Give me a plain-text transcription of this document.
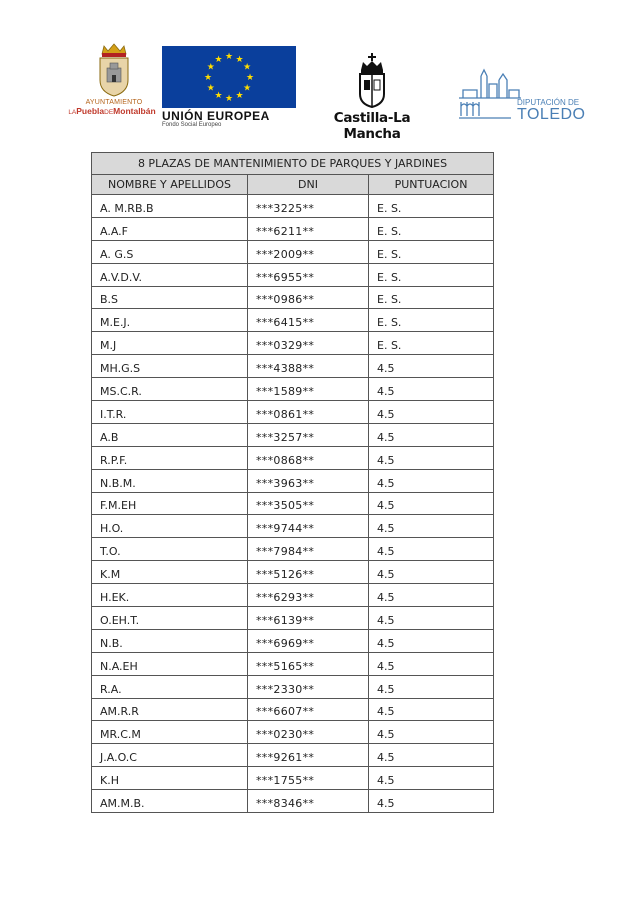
AYUNTAMIENTO
LAPueblaDEMontalbán
★ ★
★
★
★
★
★
★
★
★
★
★
UNIÓN EUROPEA
Fondo Social Europeo	Castilla-La Mancha
DIPUTACIÓN DE
TOLEDO
8 PLAZAS DE MANTENIMIENTO DE PARQUES Y JARDINES		
NOMBRE Y APELLIDOS	DNI	PUNTUACION
A. M.RB.B	***3225**	E. S.
A.A.F	***6211**	E. S.
A. G.S	***2009**	E. S.
A.V.D.V.	***6955**	E. S.
B.S	***0986**	E. S.
M.E.J.	***6415**	E. S.
M.J	***0329**	E. S.
MH.G.S	***4388**	4.5
MS.C.R.	***1589**	4.5
I.T.R.	***0861**	4.5
A.B	***3257**	4.5
R.P.F.	***0868**	4.5
N.B.M.	***3963**	4.5
F.M.EH	***3505**	4.5
H.O.	***9744**	4.5
T.O.	***7984**	4.5
K.M	***5126**	4.5
H.EK.	***6293**	4.5
O.EH.T.	***6139**	4.5
N.B.	***6969**	4.5
N.A.EH	***5165**	4.5
R.A.	***2330**	4.5
AM.R.R	***6607**	4.5
MR.C.M	***0230**	4.5
J.A.O.C	***9261**	4.5
K.H	***1755**	4.5
AM.M.B.	***8346**	4.5
